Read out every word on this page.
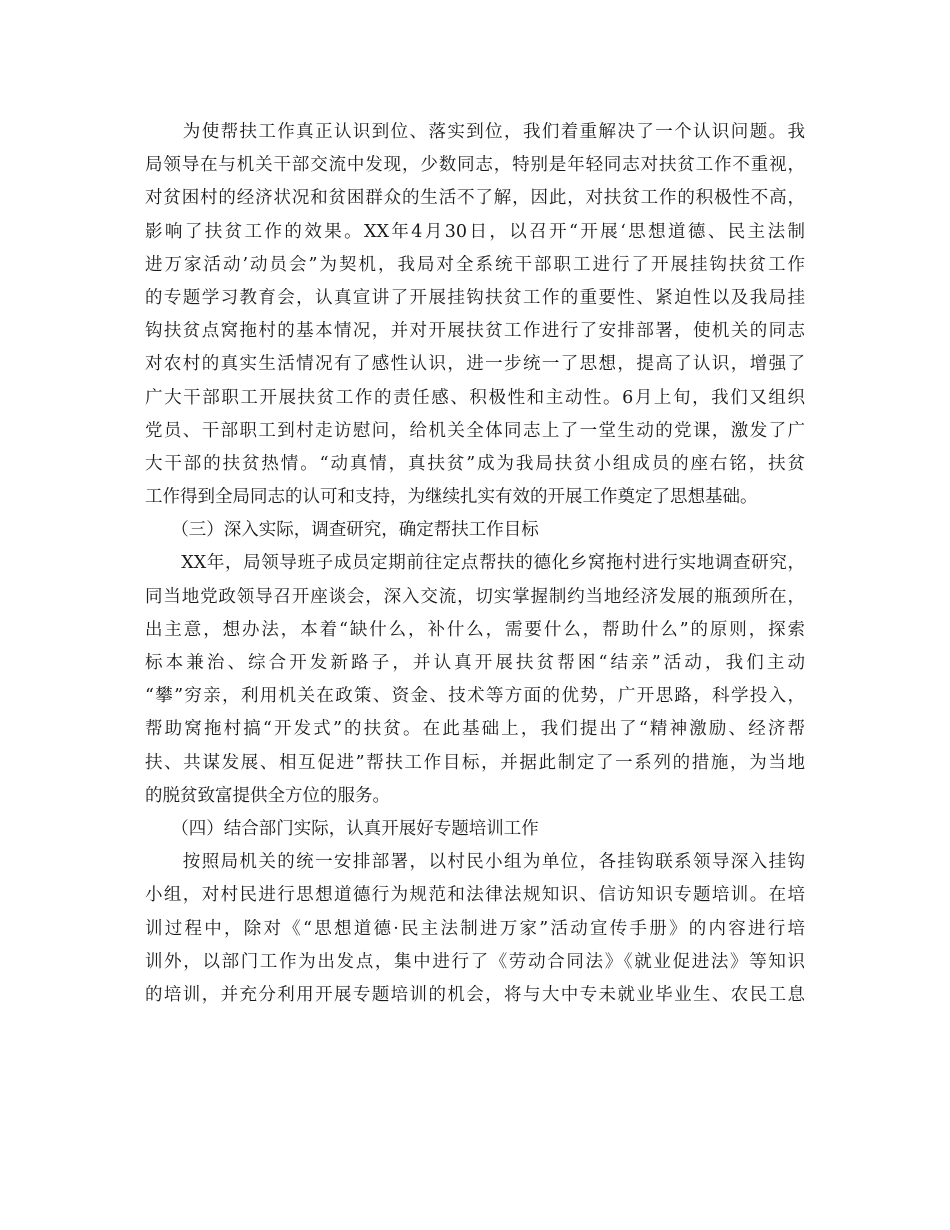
　　为使帮扶工作真正认识到位、落实到位，我们着重解决了一个认识问题。我
局领导在与机关干部交流中发现，少数同志，特别是年轻同志对扶贫工作不重视，
对贫困村的经济状况和贫困群众的生活不了解，因此，对扶贫工作的积极性不高，
影响了扶贫工作的效果。XX年4月30日，以召开“开展‘思想道德、民主法制
进万家活动’动员会”为契机，我局对全系统干部职工进行了开展挂钩扶贫工作
的专题学习教育会，认真宣讲了开展挂钩扶贫工作的重要性、紧迫性以及我局挂
钩扶贫点窝拖村的基本情况，并对开展扶贫工作进行了安排部署，使机关的同志
对农村的真实生活情况有了感性认识，进一步统一了思想，提高了认识，增强了
广大干部职工开展扶贫工作的责任感、积极性和主动性。6月上旬，我们又组织
党员、干部职工到村走访慰问，给机关全体同志上了一堂生动的党课，激发了广
大干部的扶贫热情。“动真情，真扶贫”成为我局扶贫小组成员的座右铭，扶贫
工作得到全局同志的认可和支持，为继续扎实有效的开展工作奠定了思想基础。
　　（三）深入实际，调查研究，确定帮扶工作目标
　　XX年，局领导班子成员定期前往定点帮扶的德化乡窝拖村进行实地调查研究，
同当地党政领导召开座谈会，深入交流，切实掌握制约当地经济发展的瓶颈所在，
出主意，想办法，本着“缺什么，补什么，需要什么，帮助什么”的原则，探索
标本兼治、综合开发新路子，并认真开展扶贫帮困“结亲”活动，我们主动
“攀”穷亲，利用机关在政策、资金、技术等方面的优势，广开思路，科学投入，
帮助窝拖村搞“开发式”的扶贫。在此基础上，我们提出了“精神激励、经济帮
扶、共谋发展、相互促进”帮扶工作目标，并据此制定了一系列的措施，为当地
的脱贫致富提供全方位的服务。
　　（四）结合部门实际，认真开展好专题培训工作
　　按照局机关的统一安排部署，以村民小组为单位，各挂钩联系领导深入挂钩
小组，对村民进行思想道德行为规范和法律法规知识、信访知识专题培训。在培
训过程中，除对《“思想道德·民主法制进万家”活动宣传手册》的内容进行培
训外，以部门工作为出发点，集中进行了《劳动合同法》《就业促进法》等知识
的培训，并充分利用开展专题培训的机会，将与大中专未就业毕业生、农民工息
